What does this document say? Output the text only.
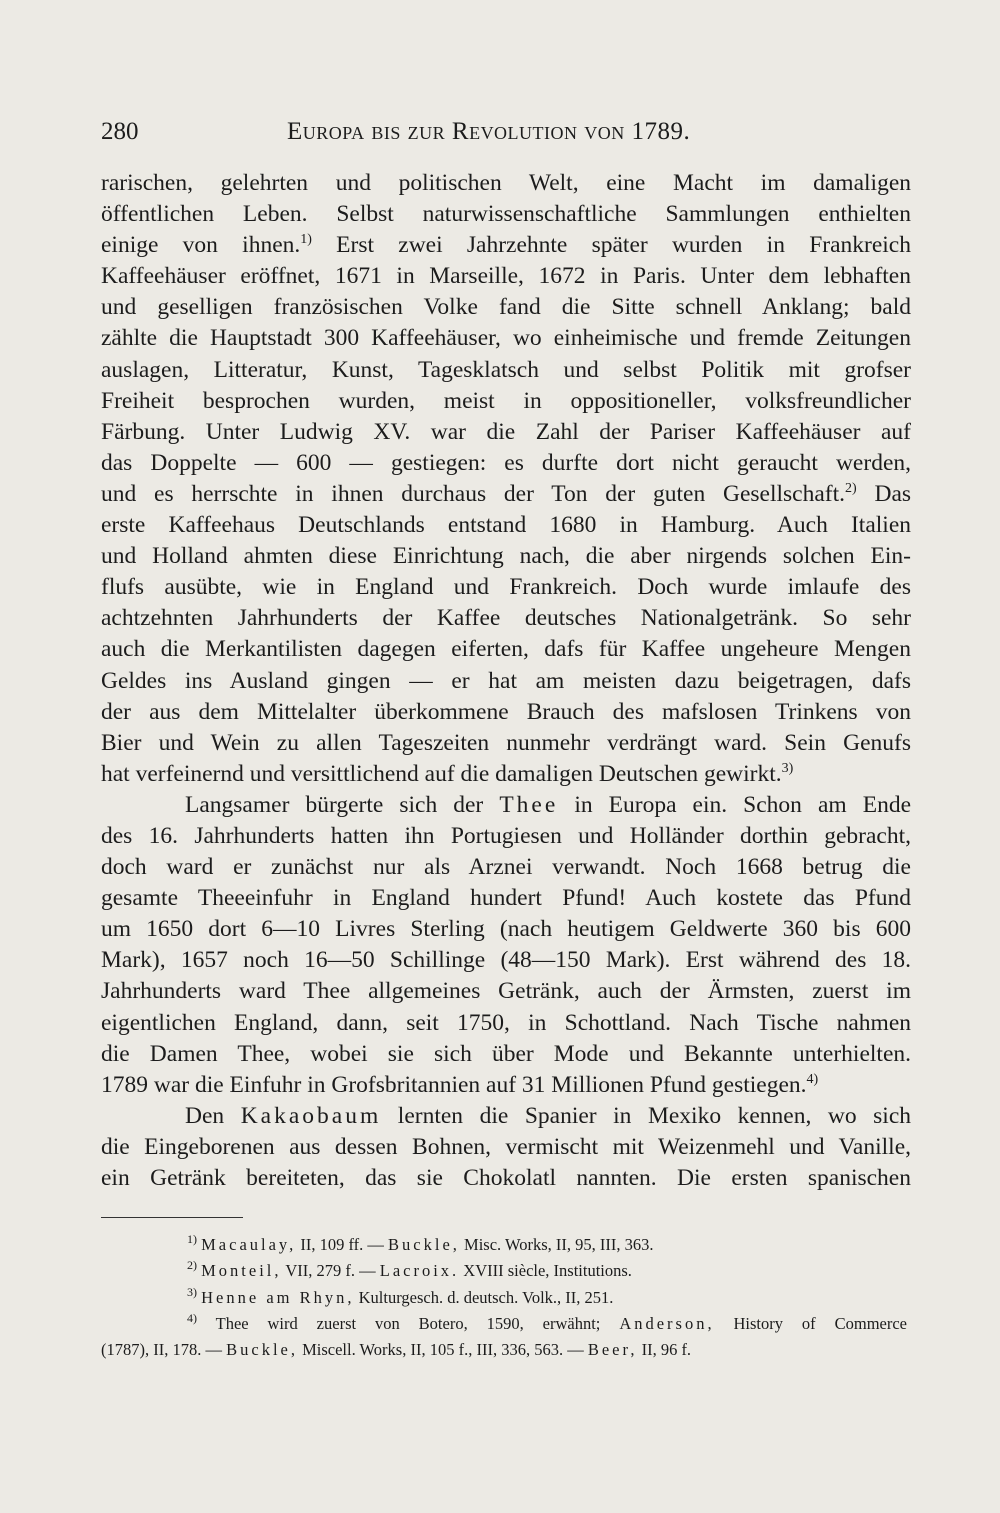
280	Europa bis zur Revolution von 1789.
rarischen, gelehrten und politischen Welt, eine Macht im damaligen
öffentlichen Leben. Selbst naturwissenschaftliche Sammlungen enthielten
einige von ihnen.$^{1)}$ Erst zwei Jahrzehnte später wurden in Frankreich
Kaffeehäuser eröffnet, 1671 in Marseille, 1672 in Paris. Unter dem lebhaften
und geselligen französischen Volke fand die Sitte schnell Anklang; bald
zählte die Hauptstadt 300 Kaffeehäuser, wo einheimische und fremde Zeitungen
auslagen, Litteratur, Kunst, Tagesklatsch und selbst Politik mit grofser
Freiheit besprochen wurden, meist in oppositioneller, volksfreundlicher
Färbung. Unter Ludwig XV. war die Zahl der Pariser Kaffeehäuser auf
das Doppelte — 600 — gestiegen: es durfte dort nicht geraucht werden,
und es herrschte in ihnen durchaus der Ton der guten Gesellschaft.$^{2)}$ Das
erste Kaffeehaus Deutschlands entstand 1680 in Hamburg. Auch Italien
und Holland ahmten diese Einrichtung nach, die aber nirgends solchen Ein-
flufs ausübte, wie in England und Frankreich. Doch wurde imlaufe des
achtzehnten Jahrhunderts der Kaffee deutsches Nationalgetränk. So sehr
auch die Merkantilisten dagegen eiferten, dafs für Kaffee ungeheure Mengen
Geldes ins Ausland gingen — er hat am meisten dazu beigetragen, dafs
der aus dem Mittelalter überkommene Brauch des mafslosen Trinkens von
Bier und Wein zu allen Tageszeiten nunmehr verdrängt ward. Sein Genufs
hat verfeinernd und versittlichend auf die damaligen Deutschen gewirkt.$^{3)}$
Langsamer bürgerte sich der Thee in Europa ein. Schon am Ende
des 16. Jahrhunderts hatten ihn Portugiesen und Holländer dorthin gebracht,
doch ward er zunächst nur als Arznei verwandt. Noch 1668 betrug die
gesamte Theeeinfuhr in England hundert Pfund! Auch kostete das Pfund
um 1650 dort 6—10 Livres Sterling (nach heutigem Geldwerte 360 bis 600
Mark), 1657 noch 16—50 Schillinge (48—150 Mark). Erst während des 18.
Jahrhunderts ward Thee allgemeines Getränk, auch der Ärmsten, zuerst im
eigentlichen England, dann, seit 1750, in Schottland. Nach Tische nahmen
die Damen Thee, wobei sie sich über Mode und Bekannte unterhielten.
1789 war die Einfuhr in Grofsbritannien auf 31 Millionen Pfund gestiegen.$^{4)}$
Den Kakaobaum lernten die Spanier in Mexiko kennen, wo sich
die Eingeborenen aus dessen Bohnen, vermischt mit Weizenmehl und Vanille,
ein Getränk bereiteten, das sie Chokolatl nannten. Die ersten spanischen
$^{1)}$ Macaulay, II, 109 ff. — Buckle, Misc. Works, II, 95, III, 363.
$^{2)}$ Monteil, VII, 279 f. — Lacroix. XVIII siècle, Institutions.
$^{3)}$ Henne am Rhyn, Kulturgesch. d. deutsch. Volk., II, 251.
$^{4)}$ Thee wird zuerst von Botero, 1590, erwähnt; Anderson, History of Commerce
(1787), II, 178. — Buckle, Miscell. Works, II, 105 f., III, 336, 563. — Beer, II, 96 f.
